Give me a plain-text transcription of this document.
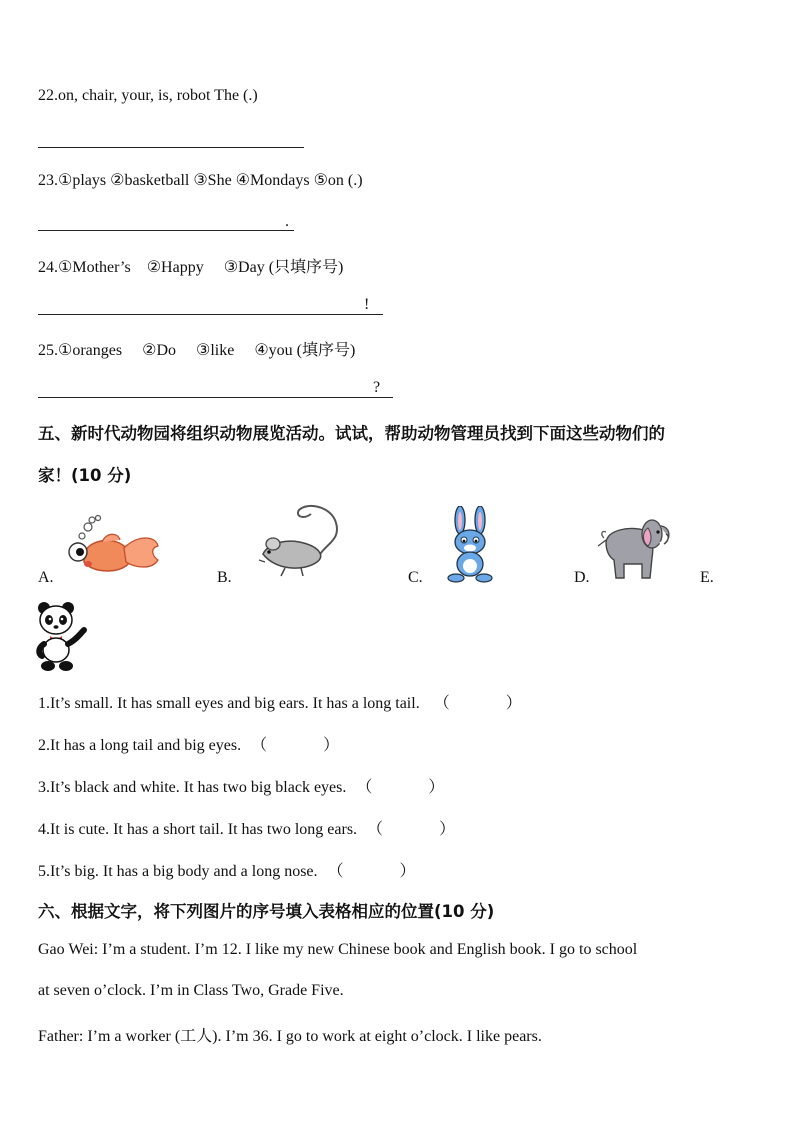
22.on, chair, your, is, robot The (.)
23.①plays ②basketball ③She ④Mondays ⑤on (.)
.
24.①Mother’s ②Happy  ③Day (只填序号)
!
25.①oranges  ②Do  ③like  ④you (填序号)
?
五、新时代动物园将组织动物展览活动。试试，帮助动物管理员找到下面这些动物们的
家！(10 分)
A.	B.	C.	D.	E.
1.It’s small. It has small eyes and big ears. It has a long tail. （	）
2.It has a long tail and big eyes. （	）
3.It’s black and white. It has two big black eyes. （	）
4.It is cute. It has a short tail. It has two long ears. （	）
5.It’s big. It has a big body and a long nose. （	）
六、根据文字，将下列图片的序号填入表格相应的位置(10 分)
Gao Wei: I’m a student. I’m 12. I like my new Chinese book and English book. I go to school
at seven o’clock. I’m in Class Two, Grade Five.
Father: I’m a worker (工人). I’m 36. I go to work at eight o’clock. I like pears.
